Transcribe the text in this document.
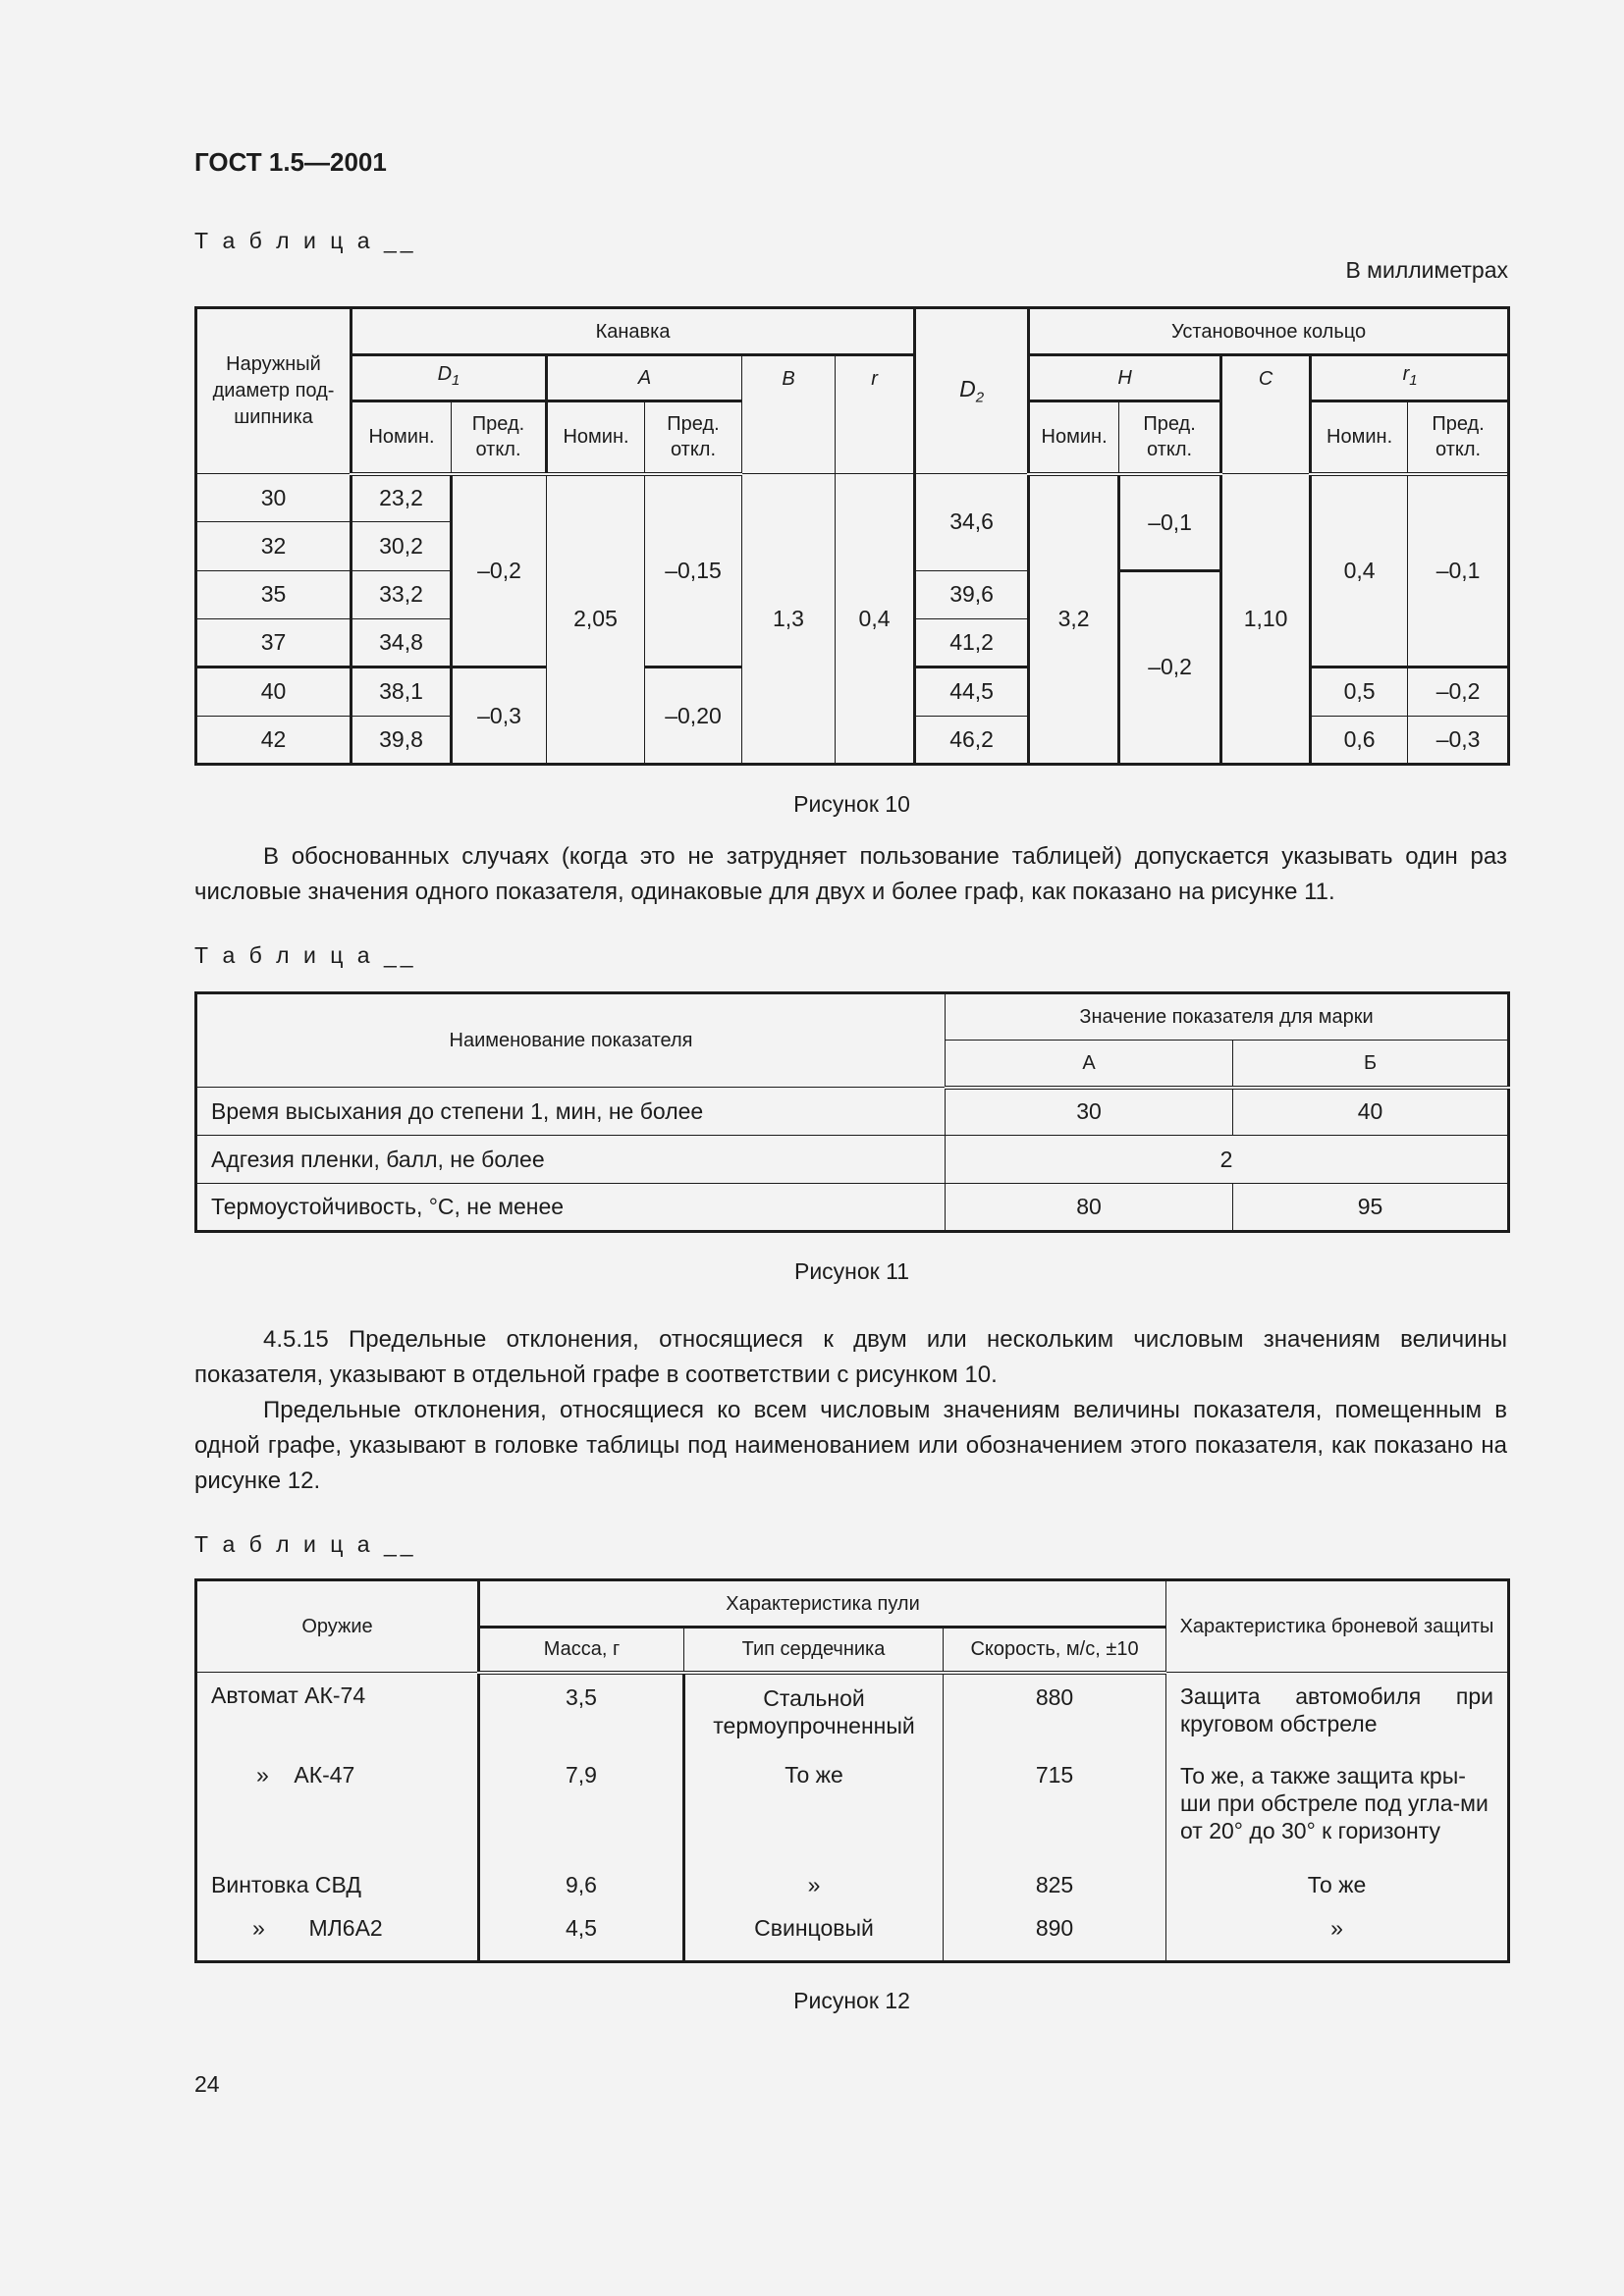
ГОСТ 1.5—2001
Т а б л и ц а __
В миллиметрах
Наружный диаметр под-шипника	Канавка						$D_2$	Установочное кольцо				
	$D_1$		A		B	r		H		C	$r_1$
	Номин.	Пред. откл.	Номин.	Пред. откл.				Номин.	Пред. откл.		Номин.	Пред. откл.
30	23,2	–0,2	2,05	–0,15	1,3	0,4	34,6	3,2	–0,1	1,10	0,4	–0,1
32	30,2											
35	33,2						39,6		–0,2			
37	34,8						41,2					
40	38,1	–0,3		–0,20			44,5				0,5	–0,2
42	39,8						46,2				0,6	–0,3
Рисунок 10
В обоснованных случаях (когда это не затрудняет пользование таблицей) допускается указывать один раз числовые значения одного показателя, одинаковые для двух и более граф, как показано на рисунке 11.
Т а б л и ц а __
Наименование показателя	Значение показателя для марки	
	А	Б
Время высыхания до степени 1, мин, не более	30	40
Адгезия пленки, балл, не более	2	
Термоустойчивость, °С, не менее	80	95
Рисунок 11
4.5.15 Предельные отклонения, относящиеся к двум или нескольким числовым значениям величины показателя, указывают в отдельной графе в соответствии с рисунком 10.
Предельные отклонения, относящиеся ко всем числовым значениям величины показателя, помещенным в одной графе, указывают в головке таблицы под наименованием или обозначением этого показателя, как показано на рисунке 12.
Т а б л и ц а __
Оружие	Характеристика пули			Характеристика броневой защиты
	Масса, г	Тип сердечника	Скорость, м/с, ±10	
Автомат АК-74	3,5	Стальной термоупрочненный	880	Защита автомобиля при круговом обстреле
»    АК-47	7,9	То же	715	То же, а также защита кры-ши при обстреле под угла-ми от 20° до 30° к горизонту
Винтовка СВД	9,6	»	825	То же
»       МЛ6А2	4,5	Свинцовый	890	»
Рисунок 12
24
